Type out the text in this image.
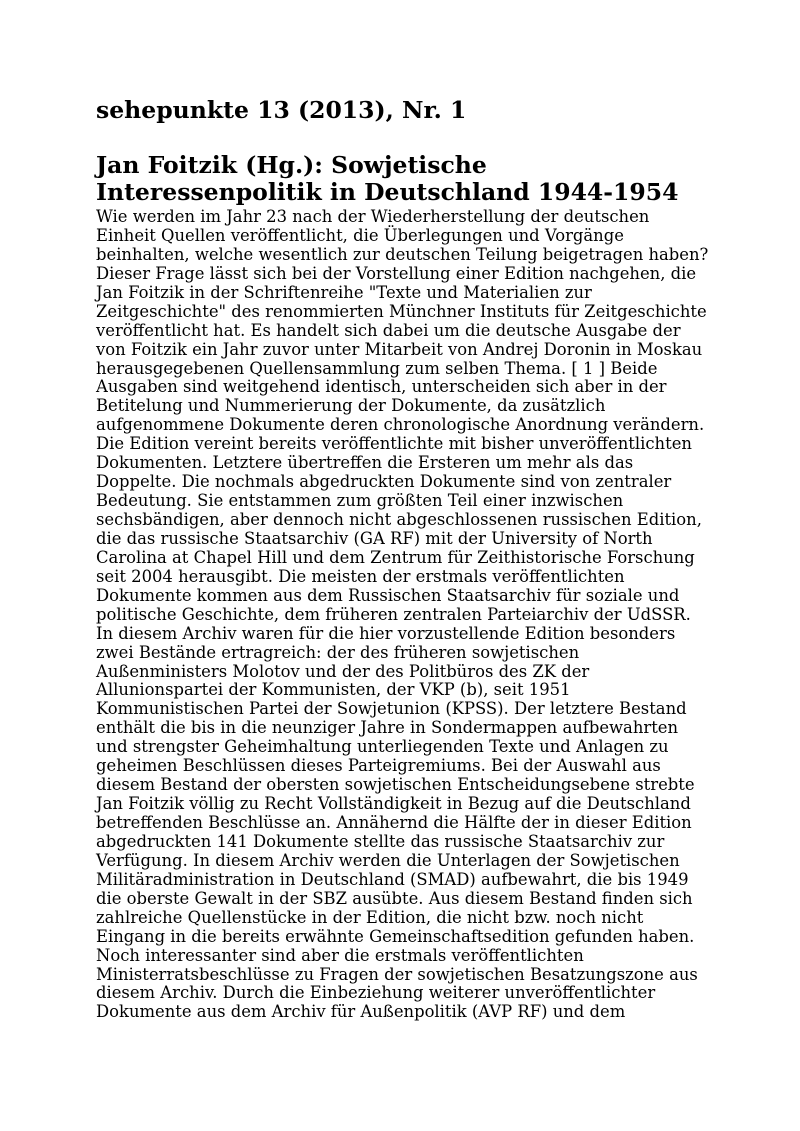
sehepunkte 13 (2013), Nr. 1
Jan Foitzik (Hg.): Sowjetische
Interessenpolitik in Deutschland 1944-1954

Wie werden im Jahr 23 nach der Wiederherstellung der deutschen
Einheit Quellen veröffentlicht, die Überlegungen und Vorgänge
beinhalten, welche wesentlich zur deutschen Teilung beigetragen haben?
Dieser Frage lässt sich bei der Vorstellung einer Edition nachgehen, die
Jan Foitzik in der Schriftenreihe "Texte und Materialien zur
Zeitgeschichte" des renommierten Münchner Instituts für Zeitgeschichte
veröffentlicht hat. Es handelt sich dabei um die deutsche Ausgabe der
von Foitzik ein Jahr zuvor unter Mitarbeit von Andrej Doronin in Moskau
herausgegebenen Quellensammlung zum selben Thema. [ 1 ] Beide
Ausgaben sind weitgehend identisch, unterscheiden sich aber in der
Betitelung und Nummerierung der Dokumente, da zusätzlich
aufgenommene Dokumente deren chronologische Anordnung verändern.
Die Edition vereint bereits veröffentlichte mit bisher unveröffentlichten
Dokumenten. Letztere übertreffen die Ersteren um mehr als das
Doppelte. Die nochmals abgedruckten Dokumente sind von zentraler
Bedeutung. Sie entstammen zum größten Teil einer inzwischen
sechsbändigen, aber dennoch nicht abgeschlossenen russischen Edition,
die das russische Staatsarchiv (GA RF) mit der University of North
Carolina at Chapel Hill und dem Zentrum für Zeithistorische Forschung
seit 2004 herausgibt. Die meisten der erstmals veröffentlichten
Dokumente kommen aus dem Russischen Staatsarchiv für soziale und
politische Geschichte, dem früheren zentralen Parteiarchiv der UdSSR.
In diesem Archiv waren für die hier vorzustellende Edition besonders
zwei Bestände ertragreich: der des früheren sowjetischen
Außenministers Molotov und der des Politbüros des ZK der
Allunionspartei der Kommunisten, der VKP (b), seit 1951
Kommunistischen Partei der Sowjetunion (KPSS). Der letztere Bestand
enthält die bis in die neunziger Jahre in Sondermappen aufbewahrten
und strengster Geheimhaltung unterliegenden Texte und Anlagen zu
geheimen Beschlüssen dieses Parteigremiums. Bei der Auswahl aus
diesem Bestand der obersten sowjetischen Entscheidungsebene strebte
Jan Foitzik völlig zu Recht Vollständigkeit in Bezug auf die Deutschland
betreffenden Beschlüsse an. Annähernd die Hälfte der in dieser Edition
abgedruckten 141 Dokumente stellte das russische Staatsarchiv zur
Verfügung. In diesem Archiv werden die Unterlagen der Sowjetischen
Militäradministration in Deutschland (SMAD) aufbewahrt, die bis 1949
die oberste Gewalt in der SBZ ausübte. Aus diesem Bestand finden sich
zahlreiche Quellenstücke in der Edition, die nicht bzw. noch nicht
Eingang in die bereits erwähnte Gemeinschaftsedition gefunden haben.
Noch interessanter sind aber die erstmals veröffentlichten
Ministerratsbeschlüsse zu Fragen der sowjetischen Besatzungszone aus
diesem Archiv. Durch die Einbeziehung weiterer unveröffentlichter
Dokumente aus dem Archiv für Außenpolitik (AVP RF) und dem
